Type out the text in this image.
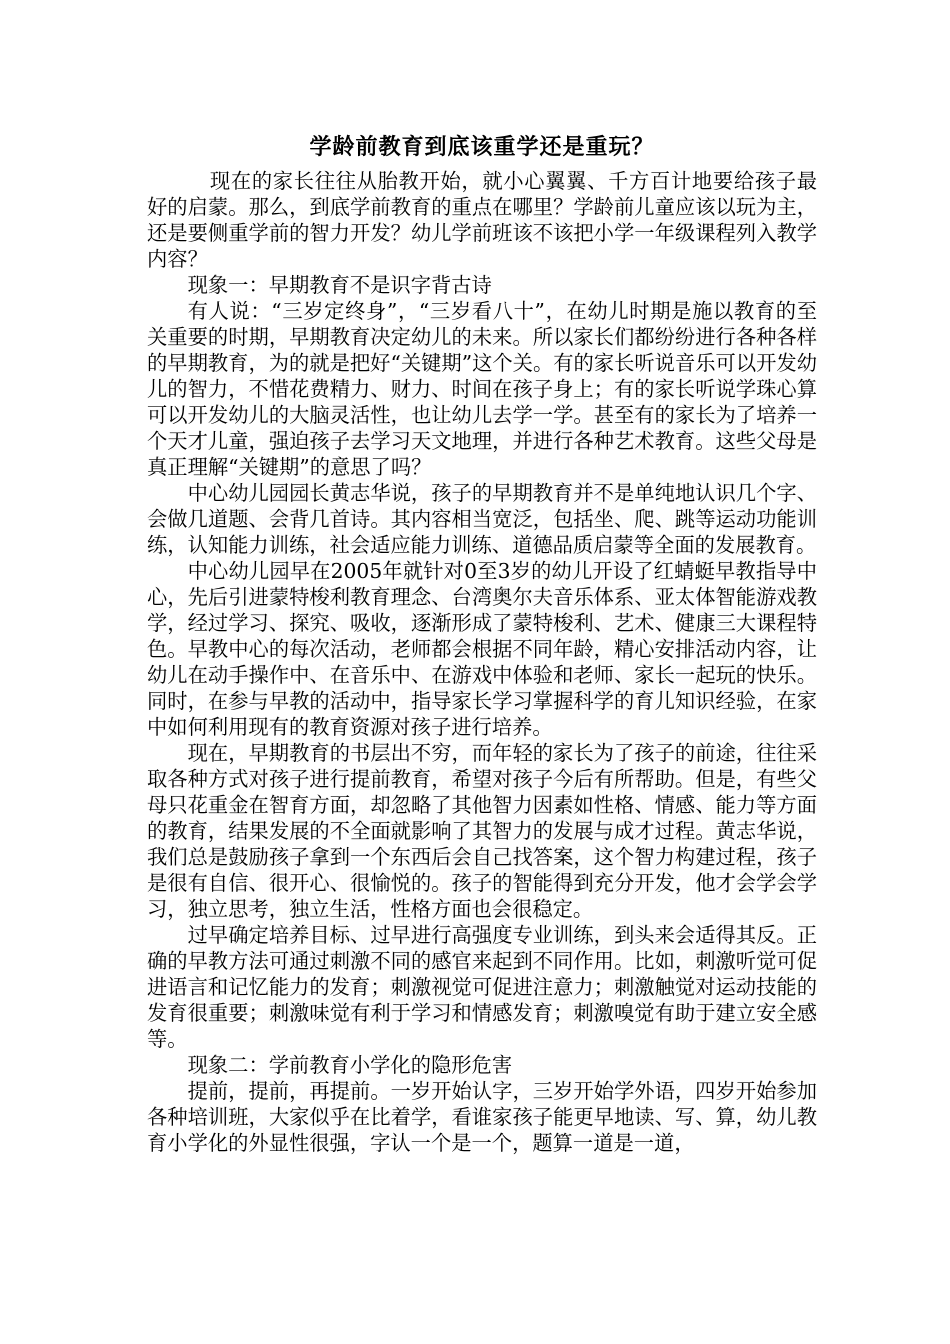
学龄前教育到底该重学还是重玩？

现在的家长往往从胎教开始，就小心翼翼、千方百计地要给孩子最好的启蒙。那么，到底学前教育的重点在哪里？学龄前儿童应该以玩为主，还是要侧重学前的智力开发？幼儿学前班该不该把小学一年级课程列入教学内容？

现象一：早期教育不是识字背古诗

有人说：“三岁定终身”，“三岁看八十”，在幼儿时期是施以教育的至关重要的时期，早期教育决定幼儿的未来。所以家长们都纷纷进行各种各样的早期教育，为的就是把好“关键期”这个关。有的家长听说音乐可以开发幼儿的智力，不惜花费精力、财力、时间在孩子身上；有的家长听说学珠心算可以开发幼儿的大脑灵活性，也让幼儿去学一学。甚至有的家长为了培养一个天才儿童，强迫孩子去学习天文地理，并进行各种艺术教育。这些父母是真正理解“关键期”的意思了吗？

中心幼儿园园长黄志华说，孩子的早期教育并不是单纯地认识几个字、会做几道题、会背几首诗。其内容相当宽泛，包括坐、爬、跳等运动功能训练，认知能力训练，社会适应能力训练、道德品质启蒙等全面的发展教育。

中心幼儿园早在2005年就针对0至3岁的幼儿开设了红蜻蜓早教指导中心，先后引进蒙特梭利教育理念、台湾奥尔夫音乐体系、亚太体智能游戏教学，经过学习、探究、吸收，逐渐形成了蒙特梭利、艺术、健康三大课程特色。早教中心的每次活动，老师都会根据不同年龄，精心安排活动内容，让幼儿在动手操作中、在音乐中、在游戏中体验和老师、家长一起玩的快乐。同时，在参与早教的活动中，指导家长学习掌握科学的育儿知识经验，在家中如何利用现有的教育资源对孩子进行培养。

现在，早期教育的书层出不穷，而年轻的家长为了孩子的前途，往往采取各种方式对孩子进行提前教育，希望对孩子今后有所帮助。但是，有些父母只花重金在智育方面，却忽略了其他智力因素如性格、情感、能力等方面的教育，结果发展的不全面就影响了其智力的发展与成才过程。黄志华说，我们总是鼓励孩子拿到一个东西后会自己找答案，这个智力构建过程，孩子是很有自信、很开心、很愉悦的。孩子的智能得到充分开发，他才会学会学习，独立思考，独立生活，性格方面也会很稳定。

过早确定培养目标、过早进行高强度专业训练，到头来会适得其反。正确的早教方法可通过刺激不同的感官来起到不同作用。比如，刺激听觉可促进语言和记忆能力的发育；刺激视觉可促进注意力；刺激触觉对运动技能的发育很重要；刺激味觉有利于学习和情感发育；刺激嗅觉有助于建立安全感等。

现象二：学前教育小学化的隐形危害

提前，提前，再提前。一岁开始认字，三岁开始学外语，四岁开始参加各种培训班，大家似乎在比着学，看谁家孩子能更早地读、写、算，幼儿教育小学化的外显性很强，字认一个是一个，题算一道是一道，
